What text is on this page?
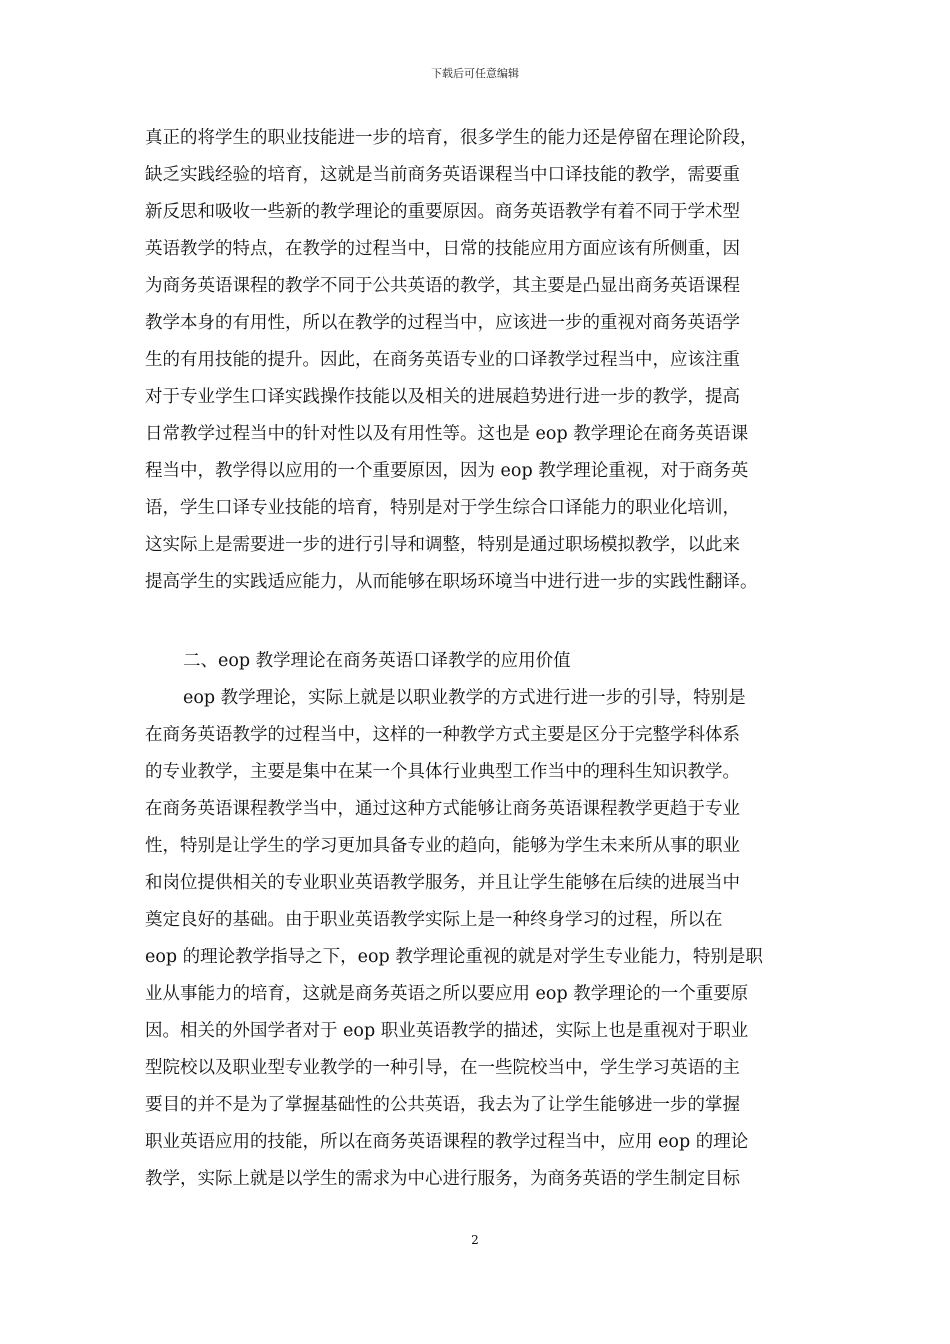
下载后可任意编辑
真正的将学生的职业技能进一步的培育，很多学生的能力还是停留在理论阶段，
缺乏实践经验的培育，这就是当前商务英语课程当中口译技能的教学，需要重
新反思和吸收一些新的教学理论的重要原因。商务英语教学有着不同于学术型
英语教学的特点，在教学的过程当中，日常的技能应用方面应该有所侧重，因
为商务英语课程的教学不同于公共英语的教学，其主要是凸显出商务英语课程
教学本身的有用性，所以在教学的过程当中，应该进一步的重视对商务英语学
生的有用技能的提升。因此，在商务英语专业的口译教学过程当中，应该注重
对于专业学生口译实践操作技能以及相关的进展趋势进行进一步的教学，提高
日常教学过程当中的针对性以及有用性等。这也是 eop 教学理论在商务英语课
程当中，教学得以应用的一个重要原因，因为 eop 教学理论重视，对于商务英
语，学生口译专业技能的培育，特别是对于学生综合口译能力的职业化培训，
这实际上是需要进一步的进行引导和调整，特别是通过职场模拟教学，以此来
提高学生的实践适应能力，从而能够在职场环境当中进行进一步的实践性翻译。
二、eop 教学理论在商务英语口译教学的应用价值
eop 教学理论，实际上就是以职业教学的方式进行进一步的引导，特别是
在商务英语教学的过程当中，这样的一种教学方式主要是区分于完整学科体系
的专业教学，主要是集中在某一个具体行业典型工作当中的理科生知识教学。
在商务英语课程教学当中，通过这种方式能够让商务英语课程教学更趋于专业
性，特别是让学生的学习更加具备专业的趋向，能够为学生未来所从事的职业
和岗位提供相关的专业职业英语教学服务，并且让学生能够在后续的进展当中
奠定良好的基础。由于职业英语教学实际上是一种终身学习的过程，所以在
eop 的理论教学指导之下，eop 教学理论重视的就是对学生专业能力，特别是职
业从事能力的培育，这就是商务英语之所以要应用 eop 教学理论的一个重要原
因。相关的外国学者对于 eop 职业英语教学的描述，实际上也是重视对于职业
型院校以及职业型专业教学的一种引导，在一些院校当中，学生学习英语的主
要目的并不是为了掌握基础性的公共英语，我去为了让学生能够进一步的掌握
职业英语应用的技能，所以在商务英语课程的教学过程当中，应用 eop 的理论
教学，实际上就是以学生的需求为中心进行服务，为商务英语的学生制定目标
2
